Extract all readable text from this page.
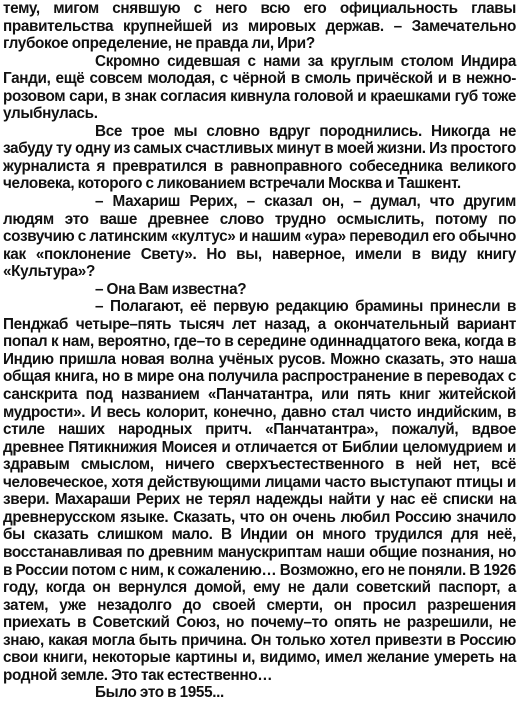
тему, мигом снявшую с него всю его официальность главы правительства крупнейшей из мировых держав. – Замечательно глубокое определение, не правда ли, Ири?

Скромно сидевшая с нами за круглым столом Индира Ганди, ещё совсем молодая, с чёрной в смоль причёской и в нежно-розовом сари, в знак согласия кивнула головой и краешками губ тоже улыбнулась.

Все трое мы словно вдруг породнились. Никогда не забуду ту одну из самых счастливых минут в моей жизни. Из простого журналиста я превратился в равноправного собеседника великого человека, которого с ликованием встречали Москва и Ташкент.

– Махариш Рерих, – сказал он, – думал, что другим людям это ваше древнее слово трудно осмыслить, потому по созвучию с латинским «култус» и нашим «ура» переводил его обычно как «поклонение Свету». Но вы, наверное, имели в виду книгу «Культура»?

– Она Вам известна?

– Полагают, её первую редакцию брамины принесли в Пенджаб четыре–пять тысяч лет назад, а окончательный вариант попал к нам, вероятно, где–то в середине одиннадцатого века, когда в Индию пришла новая волна учёных русов. Можно сказать, это наша общая книга, но в мире она получила распространение в переводах с санскрита под названием «Панчатантра, или пять книг житейской мудрости». И весь колорит, конечно, давно стал чисто индийским, в стиле наших народных притч. «Панчатантра», пожалуй, вдвое древнее Пятикнижия Моисея и отличается от Библии целомудрием и здравым смыслом, ничего сверхъестественного в ней нет, всё человеческое, хотя действующими лицами часто выступают птицы и звери. Махараши Рерих не терял надежды найти у нас её списки на древнерусском языке. Сказать, что он очень любил Россию значило бы сказать слишком мало. В Индии он много трудился для неё, восстанавливая по древним манускриптам наши общие познания, но в России потом с ним, к сожалению… Возможно, его не поняли. В 1926 году, когда он вернулся домой, ему не дали советский паспорт, а затем, уже незадолго до своей смерти, он просил разрешения приехать в Советский Союз, но почему–то опять не разрешили, не знаю, какая могла быть причина. Он только хотел привезти в Россию свои книги, некоторые картины и, видимо, имел желание умереть на родной земле. Это так естественно…

Было это в 1955...
